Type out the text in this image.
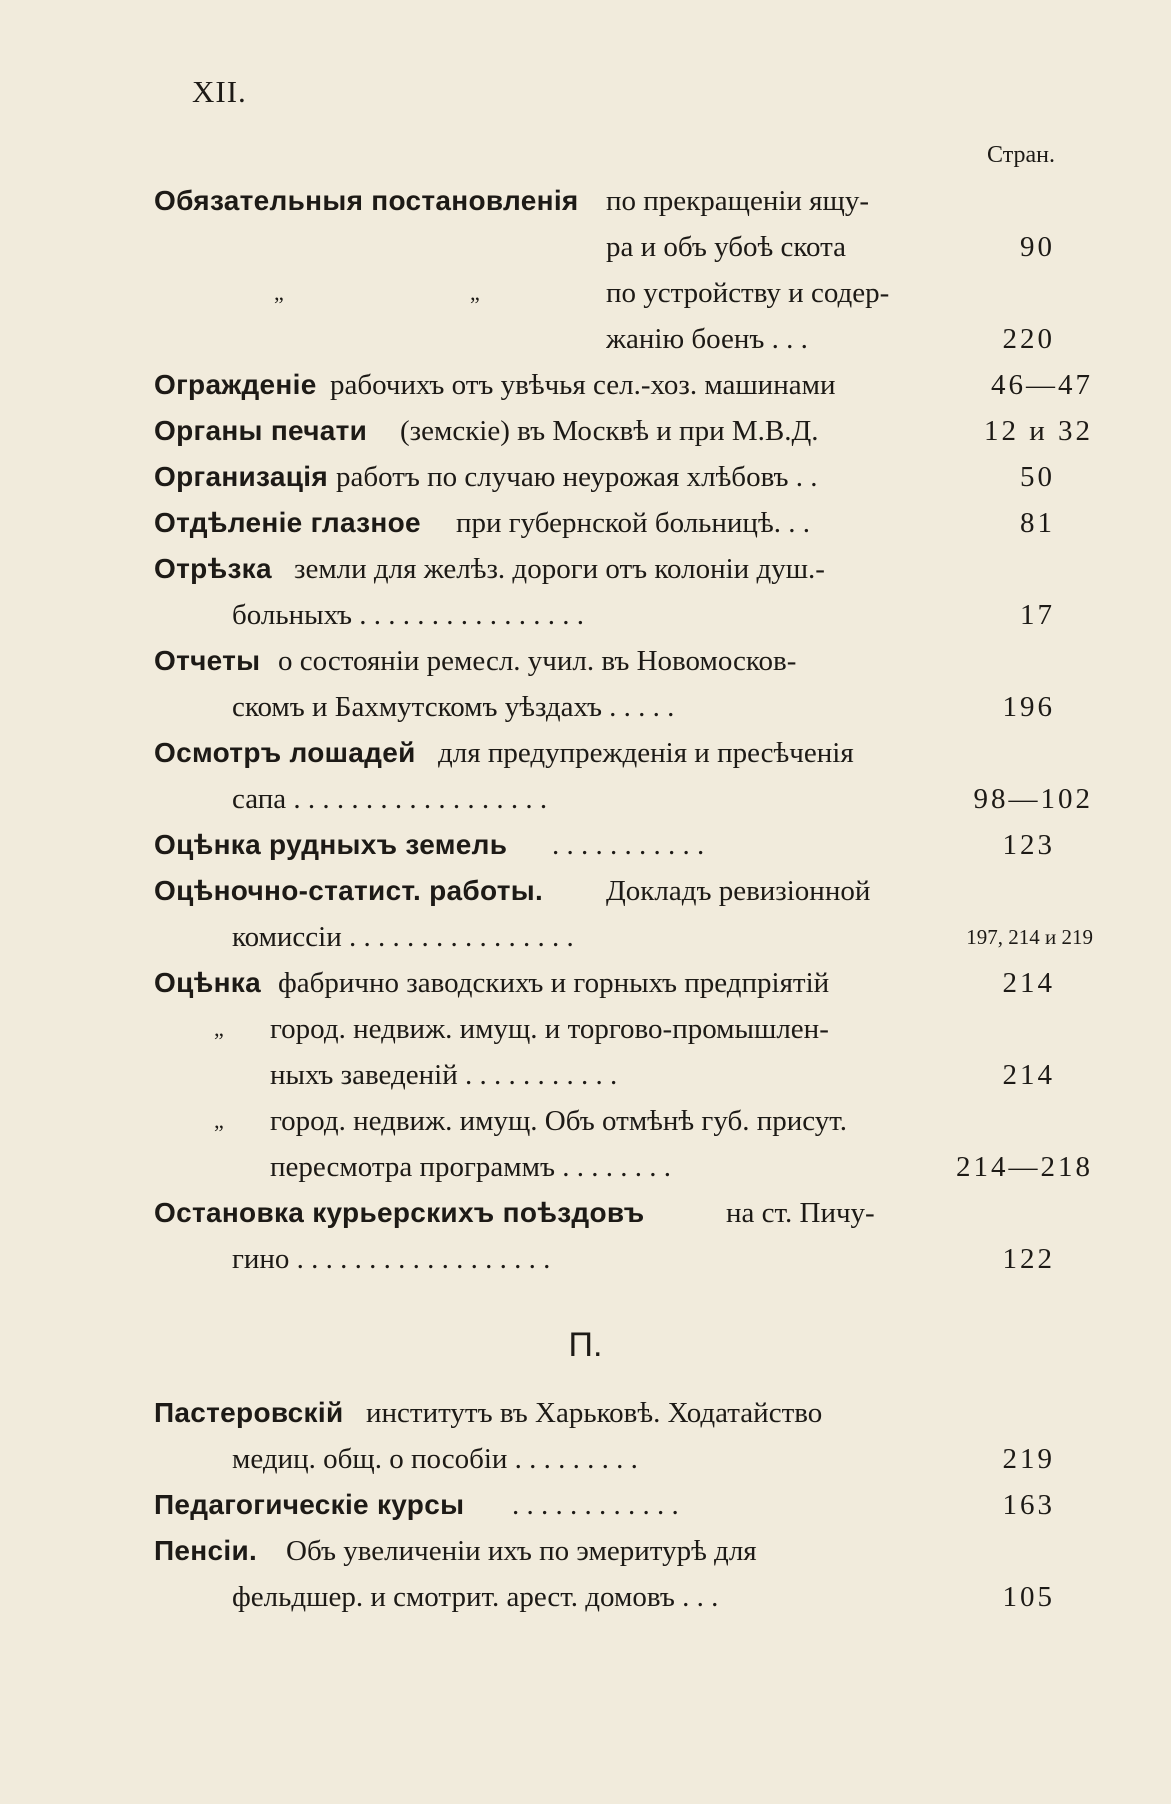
XII.
Стран.
Обязательныя постановленія по прекращеніи ящу-
ра и объ убоѣ скота	90
„	„	по устройству и содер-
жанію боенъ . . .	220
Огражденіе рабочихъ отъ увѣчья сел.-хоз. машинами	46—47
Органы печати (земскіе) въ Москвѣ и при М.В.Д.	12 и 32
Организація работъ по случаю неурожая хлѣбовъ . .	50
Отдѣленіе глазное при губернской больницѣ. . .	81
Отрѣзка земли для желѣз. дороги отъ колоніи душ.-
больныхъ . . . . . . . . . . . . . . . .	17
Отчеты о состояніи ремесл. учил. въ Новомосков-
скомъ и Бахмутскомъ уѣздахъ . . . . .	196
Осмотръ лошадей для предупрежденія и пресѣченія
сапа . . . . . . . . . . . . . . . . . .	98—102
Оцѣнка рудныхъ земель . . . . . . . . . . .	123
Оцѣночно-статист. работы. Докладъ ревизіонной
комиссіи . . . . . . . . . . . . . . . .	197, 214 и 219
Оцѣнка фабрично заводскихъ и горныхъ предпріятій	214
„ город. недвиж. имущ. и торгово-промышлен-
ныхъ заведеній . . . . . . . . . . .	214
„ город. недвиж. имущ. Объ отмѣнѣ губ. присут.
пересмотра программъ . . . . . . . .	214—218
Остановка курьерскихъ поѣздовъ	на ст. Пичу-
гино . . . . . . . . . . . . . . . . . .	122
П.
Пастеровскій институтъ въ Харьковѣ. Ходатайство
медиц. общ. о пособіи . . . . . . . . .	219
Педагогическіе курсы . . . . . . . . . . . .	163
Пенсіи. Объ увеличеніи ихъ по эмеритурѣ для
фельдшер. и смотрит. арест. домовъ . . .	105
